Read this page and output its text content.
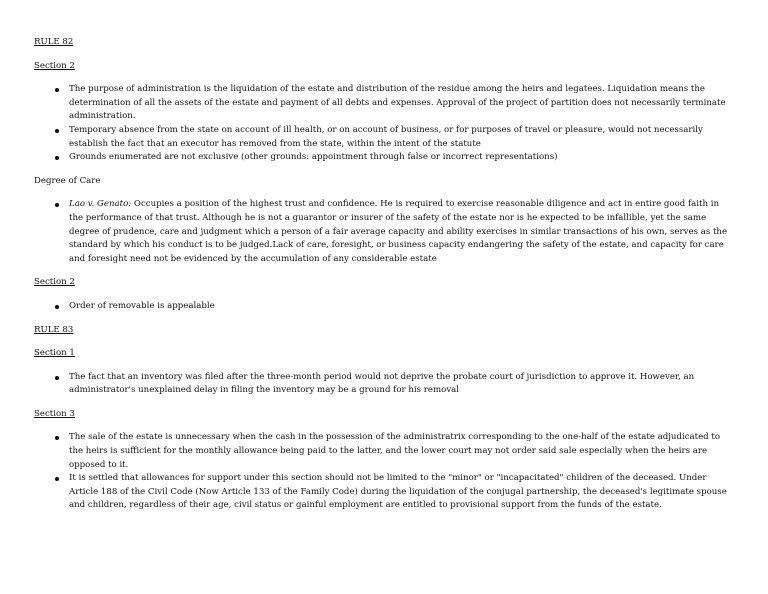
RULE 82

Section 2

The purpose of administration is the liquidation of the estate and distribution of the residue among the heirs and legatees. Liquidation means the determination of all the assets of the estate and payment of all debts and expenses. Approval of the project of partition does not necessarily terminate administration.
Temporary absence from the state on account of ill health, or on account of business, or for purposes of travel or pleasure, would not necessarily establish the fact that an executor has removed from the state, within the intent of the statute
Grounds enumerated are not exclusive (other grounds: appointment through false or incorrect representations)

Degree of Care

Lao v. Genato: Occupies a position of the highest trust and confidence. He is required to exercise reasonable diligence and act in entire good faith in the performance of that trust. Although he is not a guarantor or insurer of the safety of the estate nor is he expected to be infallible, yet the same degree of prudence, care and judgment which a person of a fair average capacity and ability exercises in similar transactions of his own, serves as the standard by which his conduct is to be judged.Lack of care, foresight, or business capacity endangering the safety of the estate, and capacity for care and foresight need not be evidenced by the accumulation of any considerable estate

Section 2

Order of removable is appealable

RULE 83

Section 1

The fact that an inventory was filed after the three-month period would not deprive the probate court of jurisdiction to approve it. However, an administrator's unexplained delay in filing the inventory may be a ground for his removal

Section 3

The sale of the estate is unnecessary when the cash in the possession of the administratrix corresponding to the one-half of the estate adjudicated to the heirs is sufficient for the monthly allowance being paid to the latter, and the lower court may not order said sale especially when the heirs are opposed to it.
It is settled that allowances for support under this section should not be limited to the "minor" or "incapacitated" children of the deceased. Under Article 188 of the Civil Code (Now Article 133 of the Family Code) during the liquidation of the conjugal partnership, the deceased's legitimate spouse and children, regardless of their age, civil status or gainful employment are entitled to provisional support from the funds of the estate.
